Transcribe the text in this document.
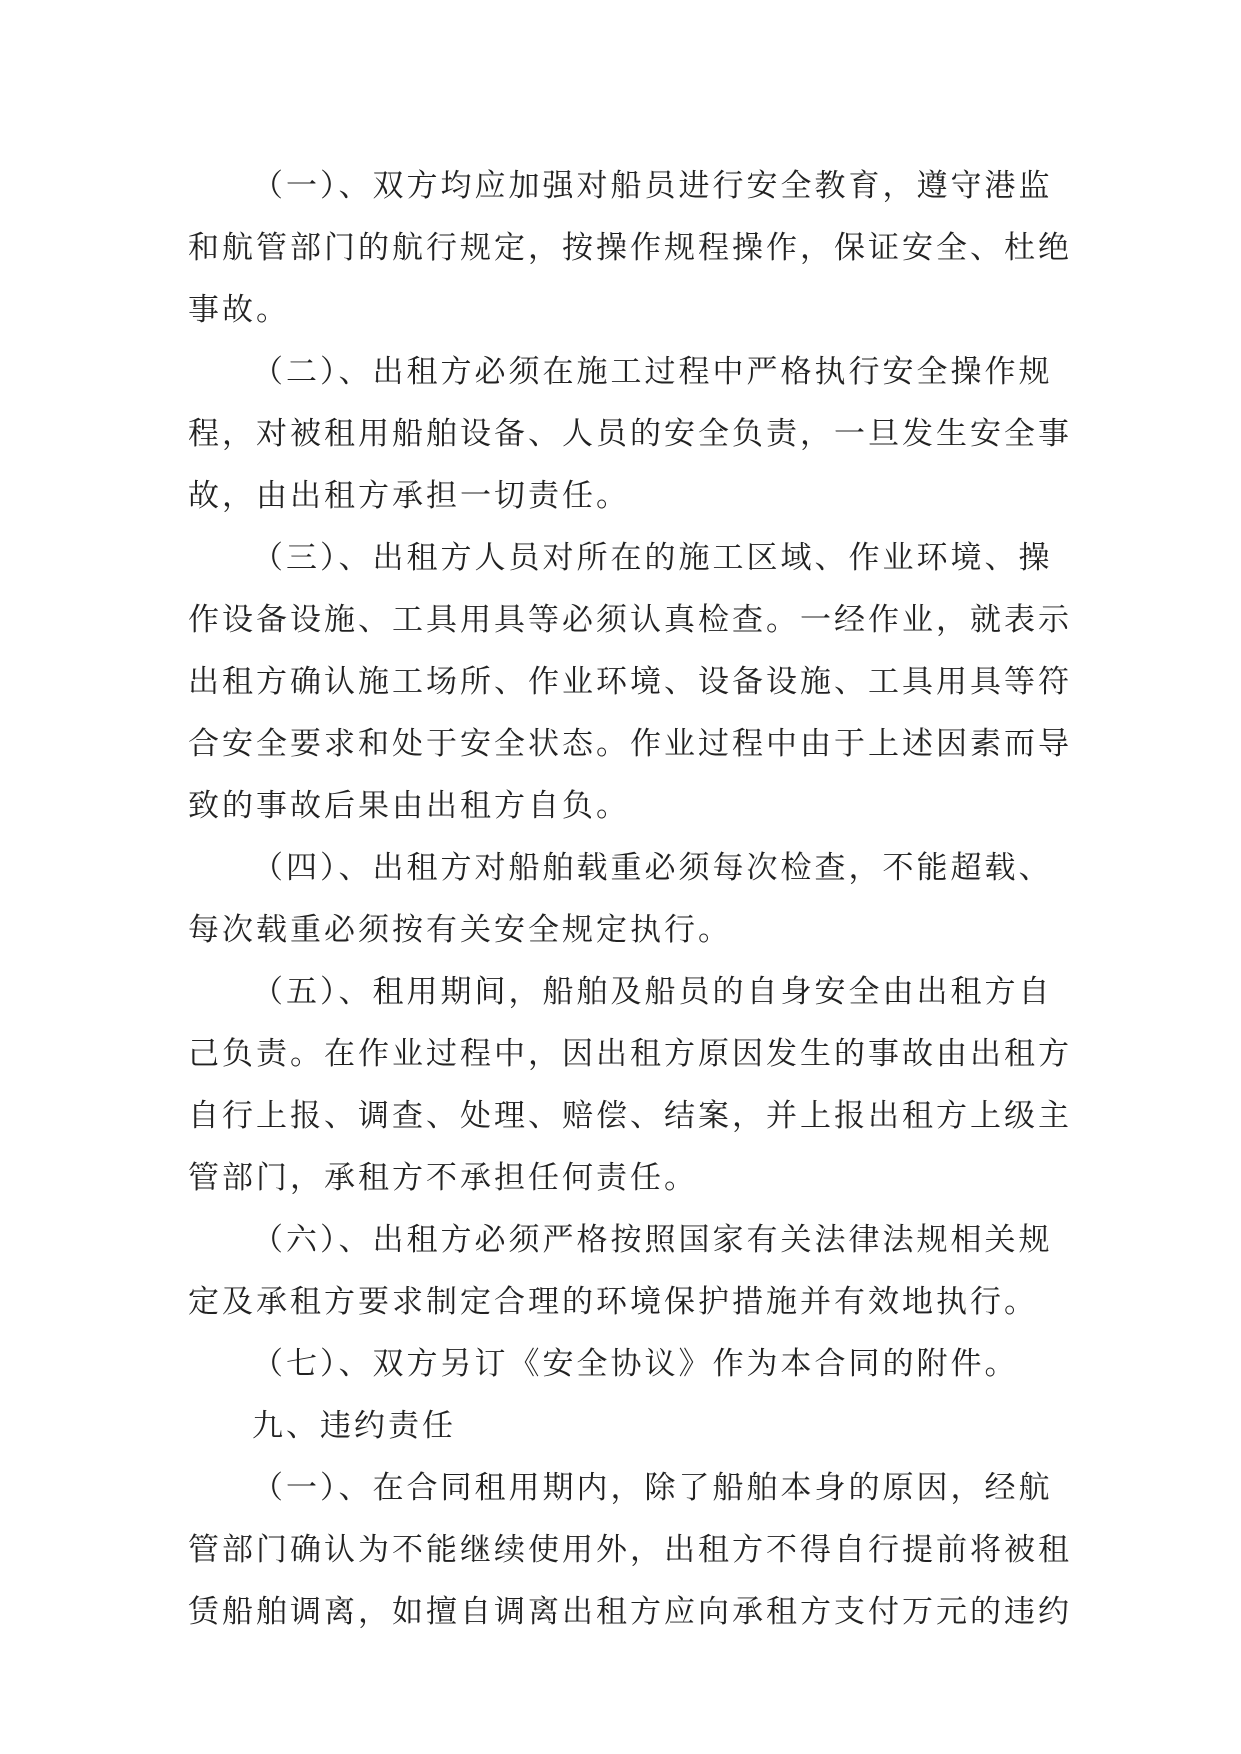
（一）、双方均应加强对船员进行安全教育，遵守港监
和航管部门的航行规定，按操作规程操作，保证安全、杜绝
事故。
（二）、出租方必须在施工过程中严格执行安全操作规
程，对被租用船舶设备、人员的安全负责，一旦发生安全事
故，由出租方承担一切责任。
（三）、出租方人员对所在的施工区域、作业环境、操
作设备设施、工具用具等必须认真检查。一经作业，就表示
出租方确认施工场所、作业环境、设备设施、工具用具等符
合安全要求和处于安全状态。作业过程中由于上述因素而导
致的事故后果由出租方自负。
（四）、出租方对船舶载重必须每次检查，不能超载、
每次载重必须按有关安全规定执行。
（五）、租用期间，船舶及船员的自身安全由出租方自
己负责。在作业过程中，因出租方原因发生的事故由出租方
自行上报、调查、处理、赔偿、结案，并上报出租方上级主
管部门，承租方不承担任何责任。
（六）、出租方必须严格按照国家有关法律法规相关规
定及承租方要求制定合理的环境保护措施并有效地执行。
（七）、双方另订《安全协议》作为本合同的附件。
九、违约责任
（一）、在合同租用期内，除了船舶本身的原因，经航
管部门确认为不能继续使用外，出租方不得自行提前将被租
赁船舶调离，如擅自调离出租方应向承租方支付万元的违约
